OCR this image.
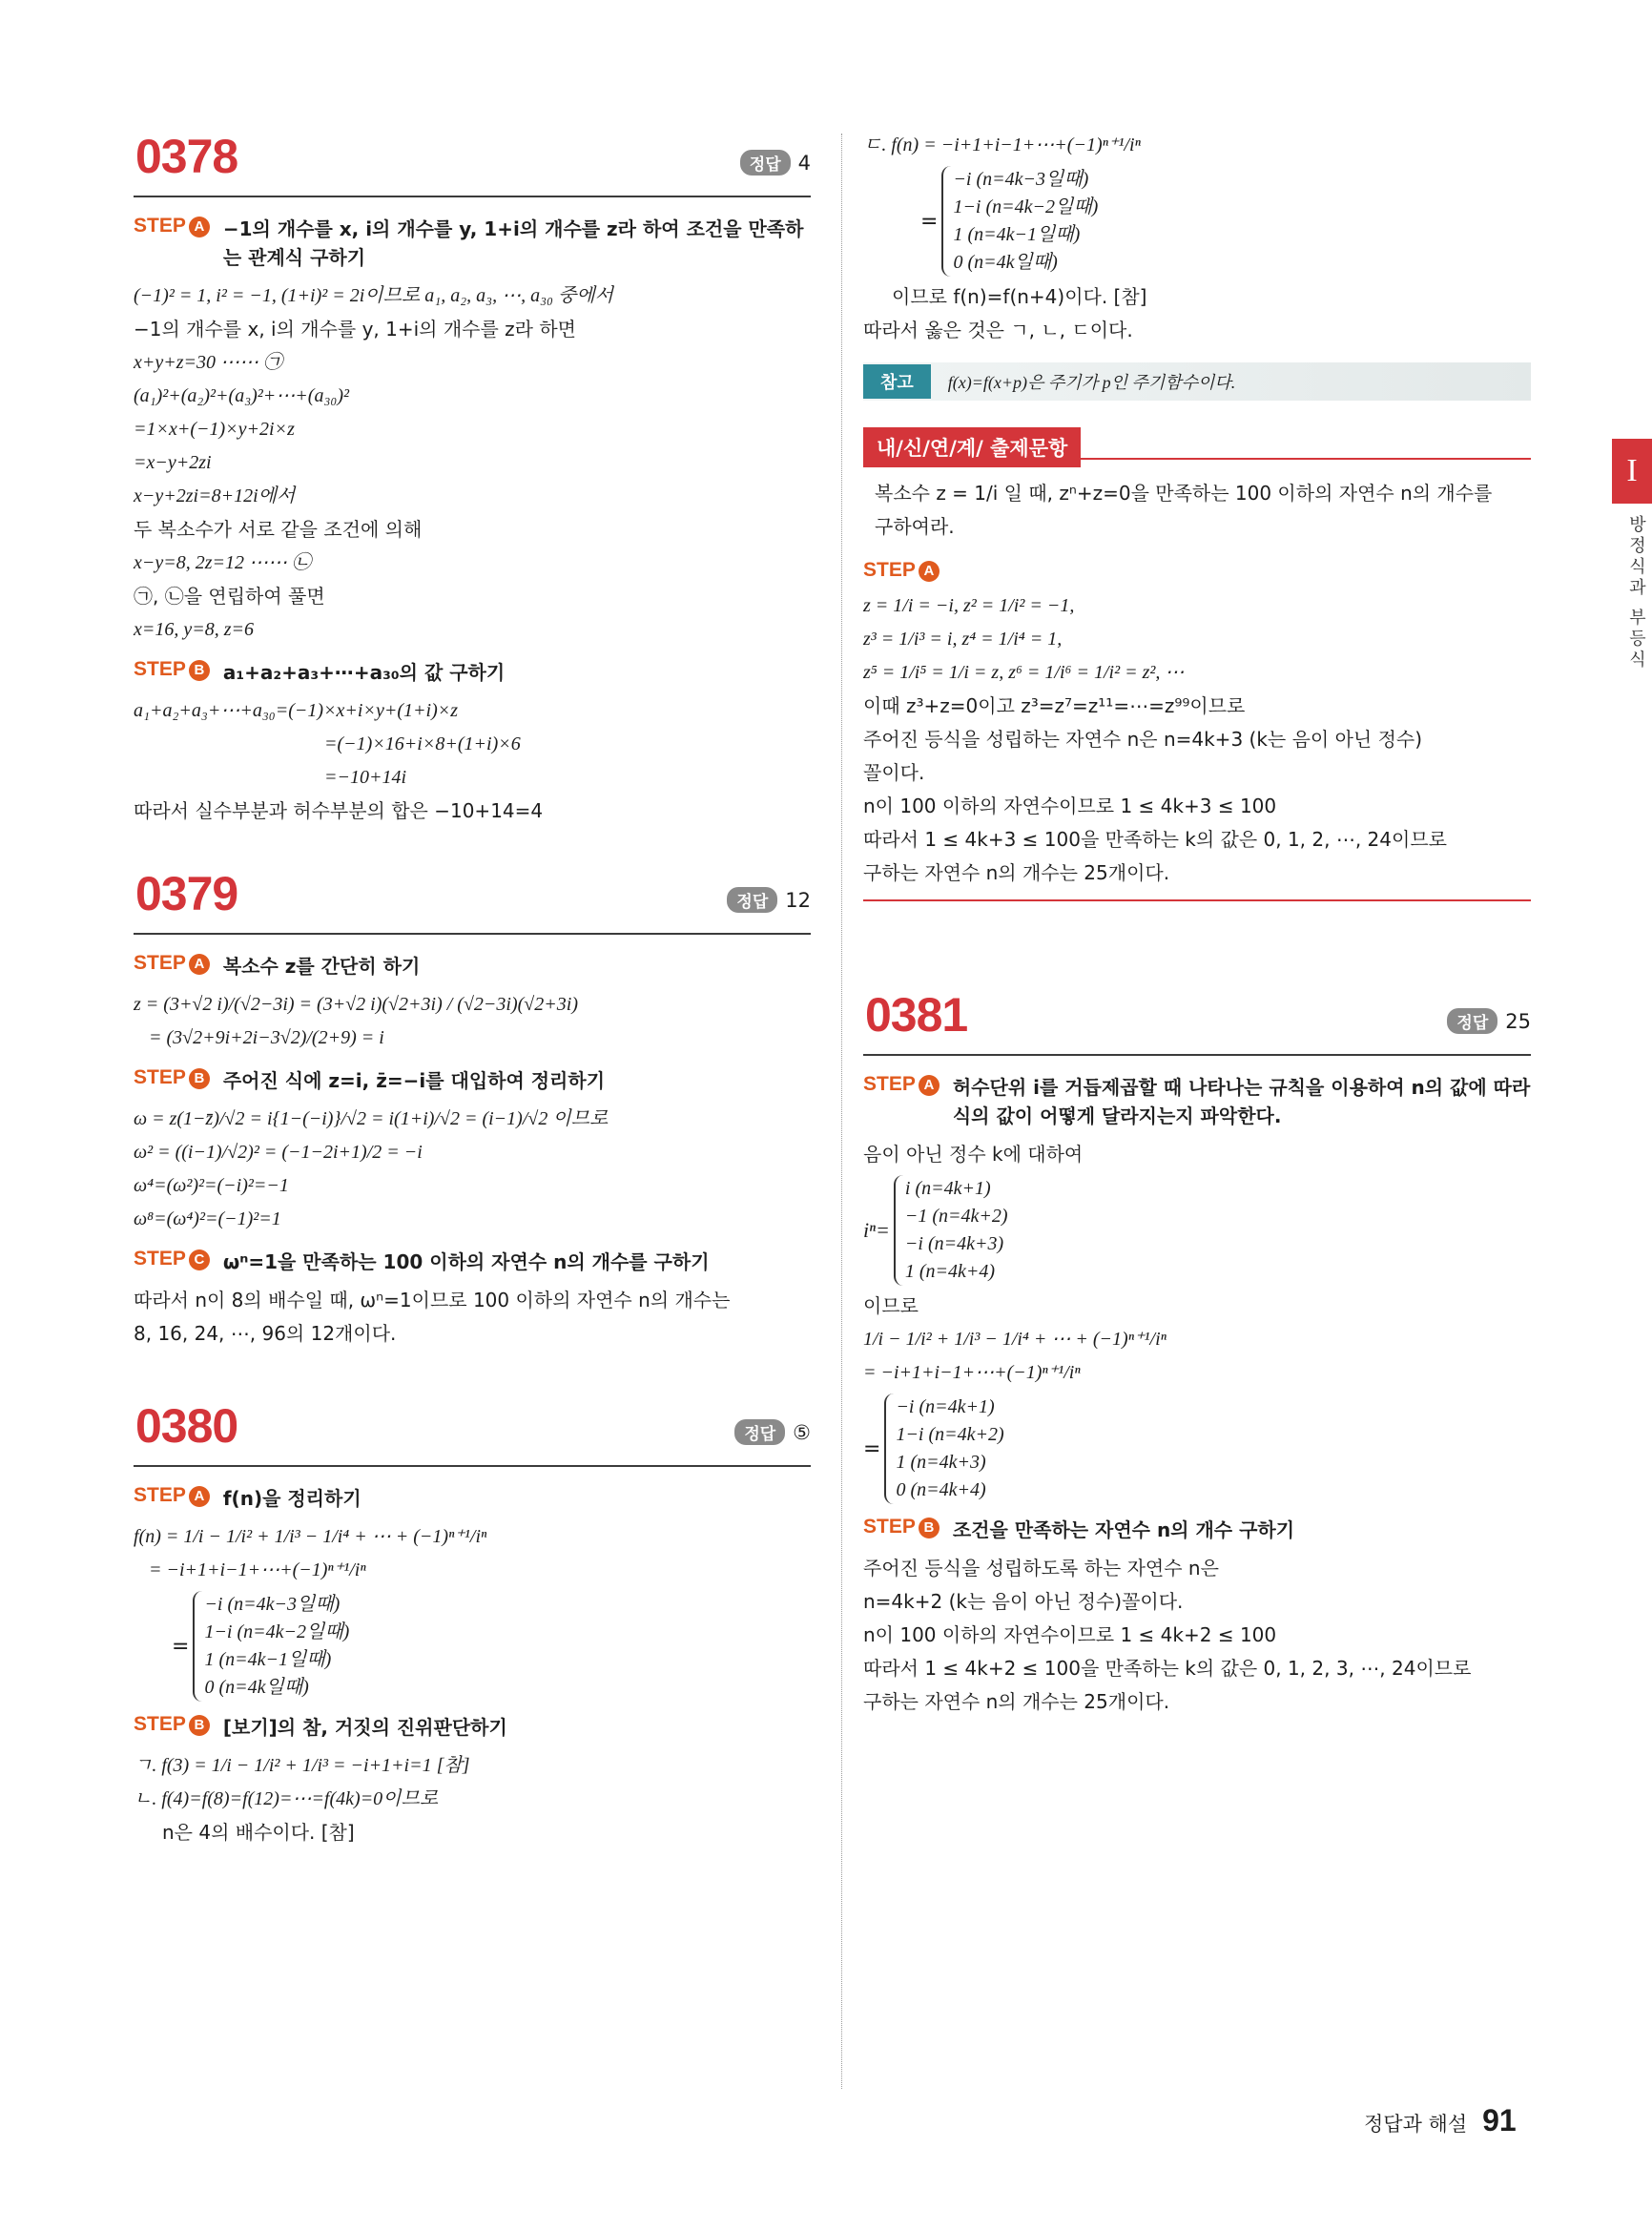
0378	정답 4
STEP A −1의 개수를 x, i의 개수를 y, 1+i의 개수를 z라 하여 조건을 만족하는 관계식 구하기
(−1)² = 1, i² = −1, (1+i)² = 2i이므로 a₁, a₂, a₃, ⋯, a₃₀ 중에서
−1의 개수를 x, i의 개수를 y, 1+i의 개수를 z라 하면
x+y+z=30 ⋯⋯ ㉠
(a₁)²+(a₂)²+(a₃)²+⋯+(a₃₀)²
=1×x+(−1)×y+2i×z
=x−y+2zi
x−y+2zi=8+12i에서
두 복소수가 서로 같을 조건에 의해
x−y=8, 2z=12 ⋯⋯ ㉡
㉠, ㉡을 연립하여 풀면
x=16, y=8, z=6
STEP B a₁+a₂+a₃+⋯+a₃₀의 값 구하기
a₁+a₂+a₃+⋯+a₃₀=(−1)×x+i×y+(1+i)×z
=(−1)×16+i×8+(1+i)×6
=−10+14i
따라서 실수부분과 허수부분의 합은 −10+14=4
0379	정답 12
STEP A 복소수 z를 간단히 하기
z = (3+√2 i)/(√2−3i) = (3+√2 i)(√2+3i) / (√2−3i)(√2+3i)
= (3√2+9i+2i−3√2)/(2+9) = i
STEP B 주어진 식에 z=i, z̄=−i를 대입하여 정리하기
ω = z(1−z̄)/√2 = i{1−(−i)}/√2 = i(1+i)/√2 = (i−1)/√2 이므로
ω² = ((i−1)/√2)² = (−1−2i+1)/2 = −i
ω⁴=(ω²)²=(−i)²=−1
ω⁸=(ω⁴)²=(−1)²=1
STEP C ωⁿ=1을 만족하는 100 이하의 자연수 n의 개수를 구하기
따라서 n이 8의 배수일 때, ωⁿ=1이므로 100 이하의 자연수 n의 개수는
8, 16, 24, ⋯, 96의 12개이다.
0380	정답 ⑤
STEP A f(n)을 정리하기
f(n) = 1/i − 1/i² + 1/i³ − 1/i⁴ + ⋯ + (−1)ⁿ⁺¹/iⁿ
= −i+1+i−1+⋯+(−1)ⁿ⁺¹/iⁿ
=
−i (n=4k−3일때)
1−i (n=4k−2일때)
1 (n=4k−1일때)
0 (n=4k일때)
STEP B [보기]의 참, 거짓의 진위판단하기
ㄱ. f(3) = 1/i − 1/i² + 1/i³ = −i+1+i=1 [참]
ㄴ. f(4)=f(8)=f(12)=⋯=f(4k)=0이므로
n은 4의 배수이다. [참]
ㄷ. f(n) = −i+1+i−1+⋯+(−1)ⁿ⁺¹/iⁿ
=
−i (n=4k−3일때)
1−i (n=4k−2일때)
1 (n=4k−1일때)
0 (n=4k일때)
이므로 f(n)=f(n+4)이다. [참]
따라서 옳은 것은 ㄱ, ㄴ, ㄷ이다.
참고	f(x)=f(x+p)은 주기가 p인 주기함수이다.
내/신/연/계/ 출제문항
복소수 z = 1/i 일 때, zⁿ+z=0을 만족하는 100 이하의 자연수 n의 개수를
구하여라.
STEP A
z = 1/i = −i, z² = 1/i² = −1,
z³ = 1/i³ = i, z⁴ = 1/i⁴ = 1,
z⁵ = 1/i⁵ = 1/i = z, z⁶ = 1/i⁶ = 1/i² = z², ⋯
이때 z³+z=0이고 z³=z⁷=z¹¹=⋯=z⁹⁹이므로
주어진 등식을 성립하는 자연수 n은 n=4k+3 (k는 음이 아닌 정수)
꼴이다.
n이 100 이하의 자연수이므로 1 ≤ 4k+3 ≤ 100
따라서 1 ≤ 4k+3 ≤ 100을 만족하는 k의 값은 0, 1, 2, ⋯, 24이므로
구하는 자연수 n의 개수는 25개이다.
0381	정답 25
STEP A 허수단위 i를 거듭제곱할 때 나타나는 규칙을 이용하여 n의 값에 따라 식의 값이 어떻게 달라지는지 파악한다.
음이 아닌 정수 k에 대하여
iⁿ=
i (n=4k+1)
−1 (n=4k+2)
−i (n=4k+3)
1 (n=4k+4)
이므로
1/i − 1/i² + 1/i³ − 1/i⁴ + ⋯ + (−1)ⁿ⁺¹/iⁿ
= −i+1+i−1+⋯+(−1)ⁿ⁺¹/iⁿ
=
−i (n=4k+1)
1−i (n=4k+2)
1 (n=4k+3)
0 (n=4k+4)
STEP B 조건을 만족하는 자연수 n의 개수 구하기
주어진 등식을 성립하도록 하는 자연수 n은
n=4k+2 (k는 음이 아닌 정수)꼴이다.
n이 100 이하의 자연수이므로 1 ≤ 4k+2 ≤ 100
따라서 1 ≤ 4k+2 ≤ 100을 만족하는 k의 값은 0, 1, 2, 3, ⋯, 24이므로
구하는 자연수 n의 개수는 25개이다.
I
방정식과 부등식
정답과 해설 91
